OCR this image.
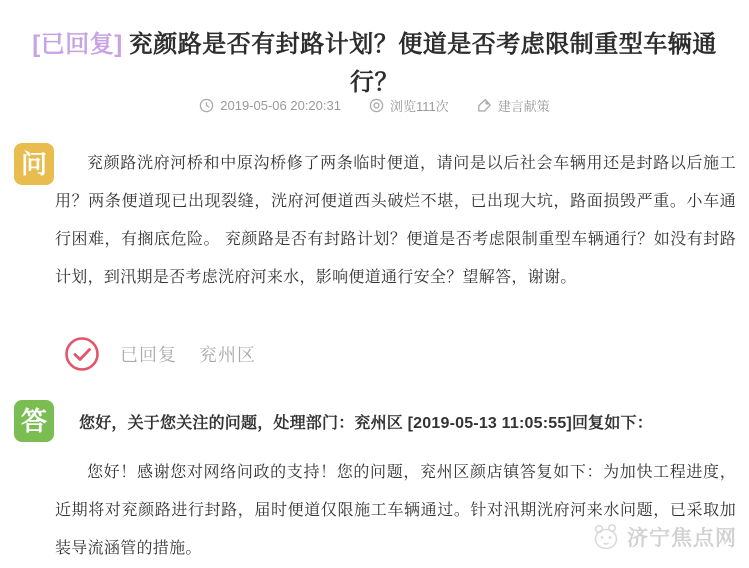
[已回复] 兖颜路是否有封路计划？便道是否考虑限制重型车辆通行？
2019-05-06 20:20:31	浏览111次	建言献策
问	兖颜路洸府河桥和中原沟桥修了两条临时便道，请问是以后社会车辆用还是封路以后施工用？两条便道现已出现裂缝，洸府河便道西头破烂不堪，已出现大坑，路面损毁严重。小车通行困难，有搁底危险。 兖颜路是否有封路计划？便道是否考虑限制重型车辆通行？如没有封路计划，到汛期是否考虑洸府河来水，影响便道通行安全？望解答，谢谢。

已回复 兖州区
答	您好，关于您关注的问题，处理部门：兖州区 [2019-05-13 11:05:55]回复如下：

您好！感谢您对网络问政的支持！您的问题，兖州区颜店镇答复如下：为加快工程进度，近期将对兖颜路进行封路，届时便道仅限施工车辆通过。针对汛期洸府河来水问题，已采取加装导流涵管的措施。	济宁焦点网
